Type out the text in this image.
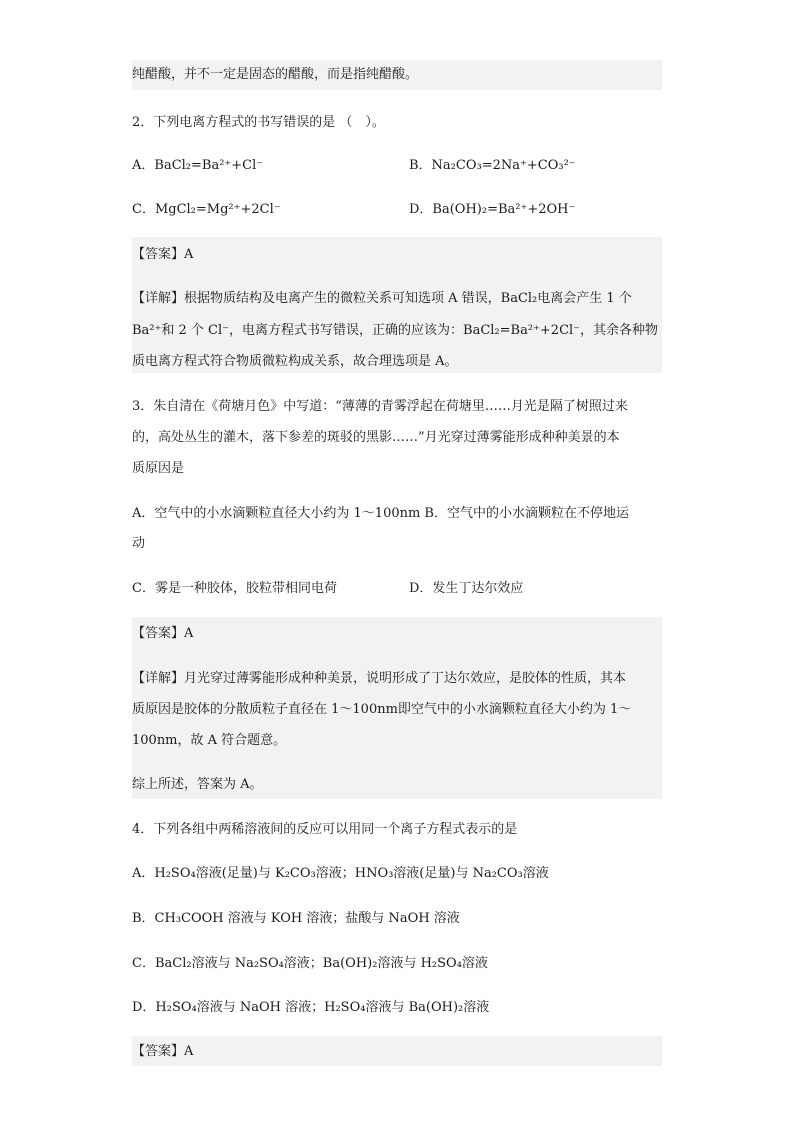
纯醋酸，并不一定是固态的醋酸，而是指纯醋酸。
2．下列电离方程式的书写错误的是 （　）。
A．BaCl₂=Ba²⁺+Cl⁻	B．Na₂CO₃=2Na⁺+CO₃²⁻
C．MgCl₂=Mg²⁺+2Cl⁻	D．Ba(OH)₂=Ba²⁺+2OH⁻
【答案】A
【详解】根据物质结构及电离产生的微粒关系可知选项 A 错误，BaCl₂电离会产生 1 个
Ba²⁺和 2 个 Cl⁻，电离方程式书写错误，正确的应该为：BaCl₂=Ba²⁺+2Cl⁻，其余各种物
质电离方程式符合物质微粒构成关系，故合理选项是 A。
3．朱自清在《荷塘月色》中写道：“薄薄的青雾浮起在荷塘里……月光是隔了树照过来
的，高处丛生的灌木，落下参差的斑驳的黑影……”月光穿过薄雾能形成种种美景的本
质原因是
A．空气中的小水滴颗粒直径大小约为 1～100nm B．空气中的小水滴颗粒在不停地运
动
C．雾是一种胶体，胶粒带相同电荷	D．发生丁达尔效应
【答案】A
【详解】月光穿过薄雾能形成种种美景，说明形成了丁达尔效应，是胶体的性质，其本
质原因是胶体的分散质粒子直径在 1～100nm即空气中的小水滴颗粒直径大小约为 1～
100nm，故 A 符合题意。
综上所述，答案为 A。
4．下列各组中两稀溶液间的反应可以用同一个离子方程式表示的是
A．H₂SO₄溶液(足量)与 K₂CO₃溶液；HNO₃溶液(足量)与 Na₂CO₃溶液
B．CH₃COOH 溶液与 KOH 溶液；盐酸与 NaOH 溶液
C．BaCl₂溶液与 Na₂SO₄溶液；Ba(OH)₂溶液与 H₂SO₄溶液
D．H₂SO₄溶液与 NaOH 溶液；H₂SO₄溶液与 Ba(OH)₂溶液
【答案】A
